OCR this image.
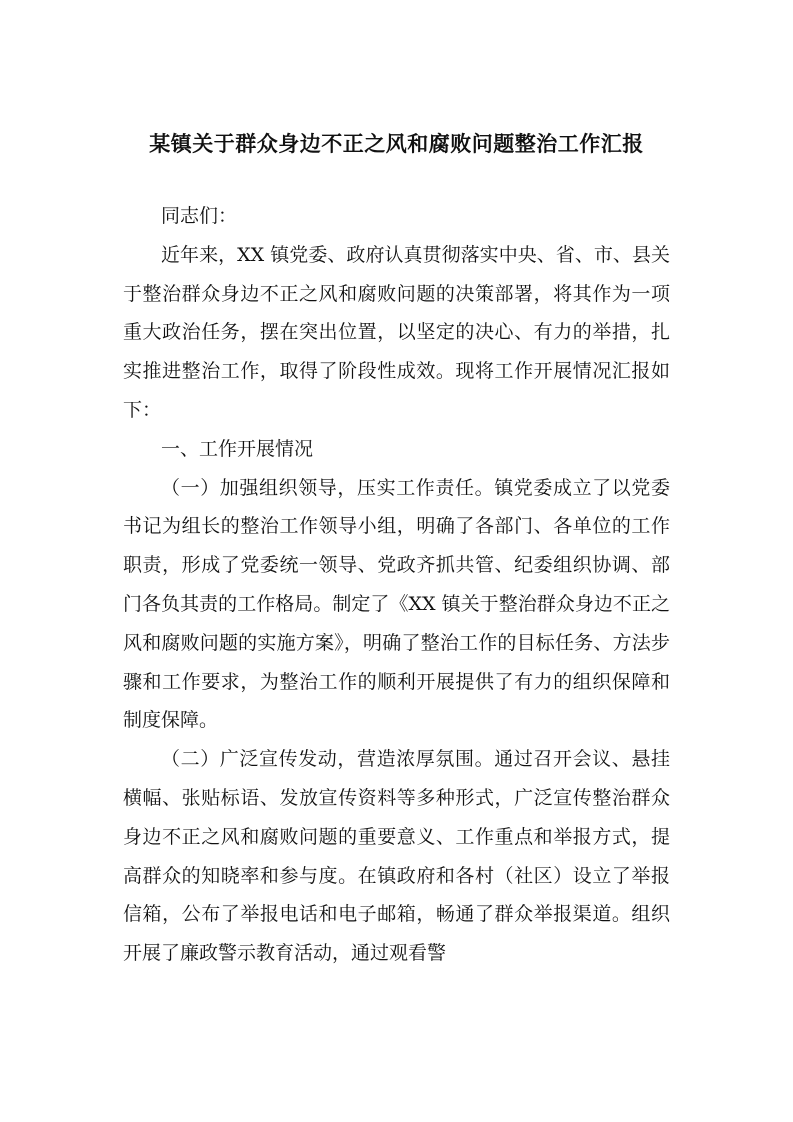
某镇关于群众身边不正之风和腐败问题整治工作汇报

同志们：

近年来，XX 镇党委、政府认真贯彻落实中央、省、市、县关于整治群众身边不正之风和腐败问题的决策部署，将其作为一项重大政治任务，摆在突出位置，以坚定的决心、有力的举措，扎实推进整治工作，取得了阶段性成效。现将工作开展情况汇报如下：

一、工作开展情况

（一）加强组织领导，压实工作责任。镇党委成立了以党委书记为组长的整治工作领导小组，明确了各部门、各单位的工作职责，形成了党委统一领导、党政齐抓共管、纪委组织协调、部门各负其责的工作格局。制定了《XX 镇关于整治群众身边不正之风和腐败问题的实施方案》，明确了整治工作的目标任务、方法步骤和工作要求，为整治工作的顺利开展提供了有力的组织保障和制度保障。

（二）广泛宣传发动，营造浓厚氛围。通过召开会议、悬挂横幅、张贴标语、发放宣传资料等多种形式，广泛宣传整治群众身边不正之风和腐败问题的重要意义、工作重点和举报方式，提高群众的知晓率和参与度。在镇政府和各村（社区）设立了举报信箱，公布了举报电话和电子邮箱，畅通了群众举报渠道。组织开展了廉政警示教育活动，通过观看警
